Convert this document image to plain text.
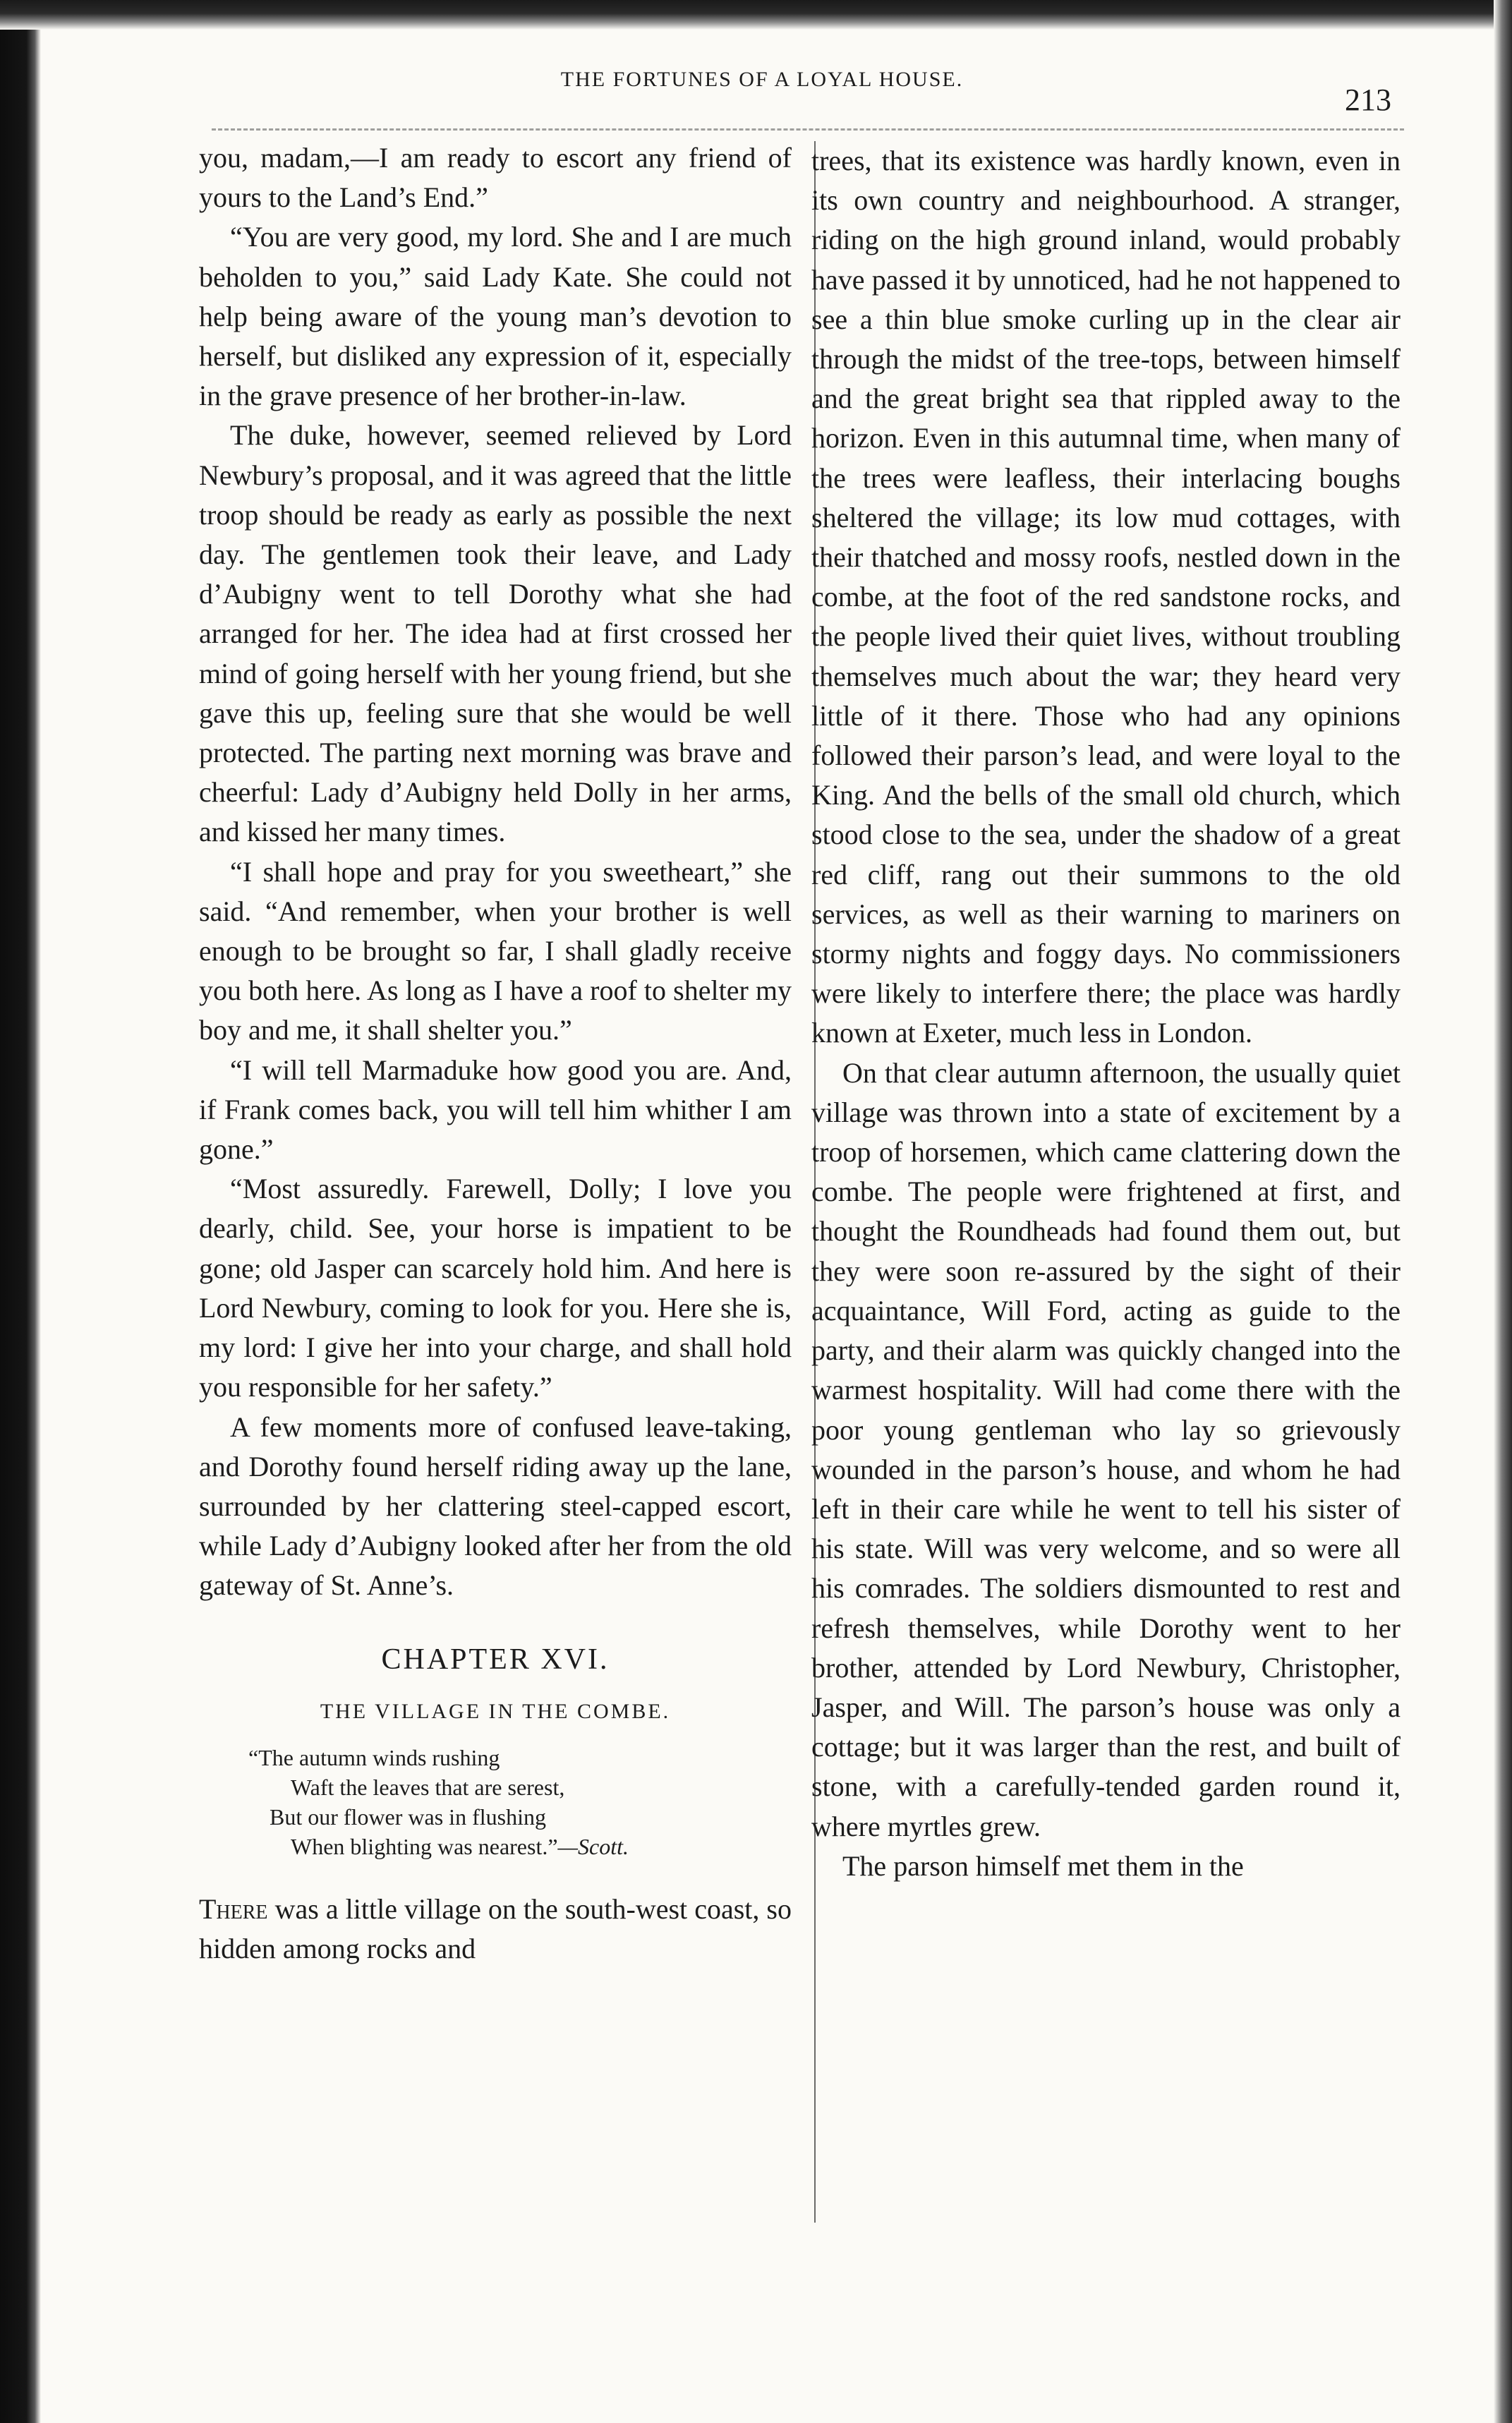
THE FORTUNES OF A LOYAL HOUSE.
213

you, madam,—I am ready to escort any friend of yours to the Land’s End.”

“You are very good, my lord. She and I are much beholden to you,” said Lady Kate. She could not help being aware of the young man’s devotion to herself, but disliked any expression of it, especially in the grave presence of her brother-in-law.

The duke, however, seemed relieved by Lord Newbury’s proposal, and it was agreed that the little troop should be ready as early as possible the next day. The gentlemen took their leave, and Lady d’Aubigny went to tell Dorothy what she had arranged for her. The idea had at first crossed her mind of going herself with her young friend, but she gave this up, feeling sure that she would be well protected. The parting next morning was brave and cheerful: Lady d’Aubigny held Dolly in her arms, and kissed her many times.

“I shall hope and pray for you sweetheart,” she said. “And remember, when your brother is well enough to be brought so far, I shall gladly receive you both here. As long as I have a roof to shelter my boy and me, it shall shelter you.”

“I will tell Marmaduke how good you are. And, if Frank comes back, you will tell him whither I am gone.”

“Most assuredly. Farewell, Dolly; I love you dearly, child. See, your horse is impatient to be gone; old Jasper can scarcely hold him. And here is Lord Newbury, coming to look for you. Here she is, my lord: I give her into your charge, and shall hold you responsible for her safety.”

A few moments more of confused leave-taking, and Dorothy found herself riding away up the lane, surrounded by her clattering steel-capped escort, while Lady d’Aubigny looked after her from the old gateway of St. Anne’s.

CHAPTER XVI.
THE VILLAGE IN THE COMBE.
“The autumn winds rushing
Waft the leaves that are serest,
But our flower was in flushing
When blighting was nearest.”—Scott.

There was a little village on the south-west coast, so hidden among rocks and

trees, that its existence was hardly known, even in its own country and neighbourhood. A stranger, riding on the high ground inland, would probably have passed it by unnoticed, had he not happened to see a thin blue smoke curling up in the clear air through the midst of the tree-tops, between himself and the great bright sea that rippled away to the horizon. Even in this autumnal time, when many of the trees were leafless, their interlacing boughs sheltered the village; its low mud cottages, with their thatched and mossy roofs, nestled down in the combe, at the foot of the red sandstone rocks, and the people lived their quiet lives, without troubling themselves much about the war; they heard very little of it there. Those who had any opinions followed their parson’s lead, and were loyal to the King. And the bells of the small old church, which stood close to the sea, under the shadow of a great red cliff, rang out their summons to the old services, as well as their warning to mariners on stormy nights and foggy days. No commissioners were likely to interfere there; the place was hardly known at Exeter, much less in London.

On that clear autumn afternoon, the usually quiet village was thrown into a state of excitement by a troop of horsemen, which came clattering down the combe. The people were frightened at first, and thought the Roundheads had found them out, but they were soon re-assured by the sight of their acquaintance, Will Ford, acting as guide to the party, and their alarm was quickly changed into the warmest hospitality. Will had come there with the poor young gentleman who lay so grievously wounded in the parson’s house, and whom he had left in their care while he went to tell his sister of his state. Will was very welcome, and so were all his comrades. The soldiers dismounted to rest and refresh themselves, while Dorothy went to her brother, attended by Lord Newbury, Christopher, Jasper, and Will. The parson’s house was only a cottage; but it was larger than the rest, and built of stone, with a carefully-tended garden round it, where myrtles grew.

The parson himself met them in the
